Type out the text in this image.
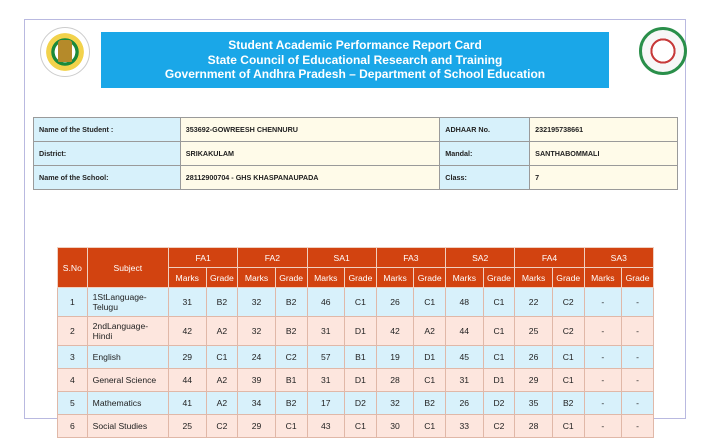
Student Academic Performance Report Card
State Council of Educational Research and Training
Government of Andhra Pradesh – Department of School Education
Name of the Student :	353692-GOWREESH CHENNURU	ADHAAR No.	232195738661
District:	SRIKAKULAM	Mandal:	SANTHABOMMALI
Name of the School:	28112900704 - GHS KHASPANAUPADA	Class:	7
S.No	Subject	FA1		FA2		SA1		FA3		SA2		FA4		SA3	
		Marks	Grade	Marks	Grade	Marks	Grade	Marks	Grade	Marks	Grade	Marks	Grade	Marks	Grade
1	1StLanguage-
Telugu	31	B2	32	B2	46	C1	26	C1	48	C1	22	C2	-	-
2	2ndLanguage-
Hindi	42	A2	32	B2	31	D1	42	A2	44	C1	25	C2	-	-
3	English	29	C1	24	C2	57	B1	19	D1	45	C1	26	C1	-	-
4	General Science	44	A2	39	B1	31	D1	28	C1	31	D1	29	C1	-	-
5	Mathematics	41	A2	34	B2	17	D2	32	B2	26	D2	35	B2	-	-
6	Social Studies	25	C2	29	C1	43	C1	30	C1	33	C2	28	C1	-	-
